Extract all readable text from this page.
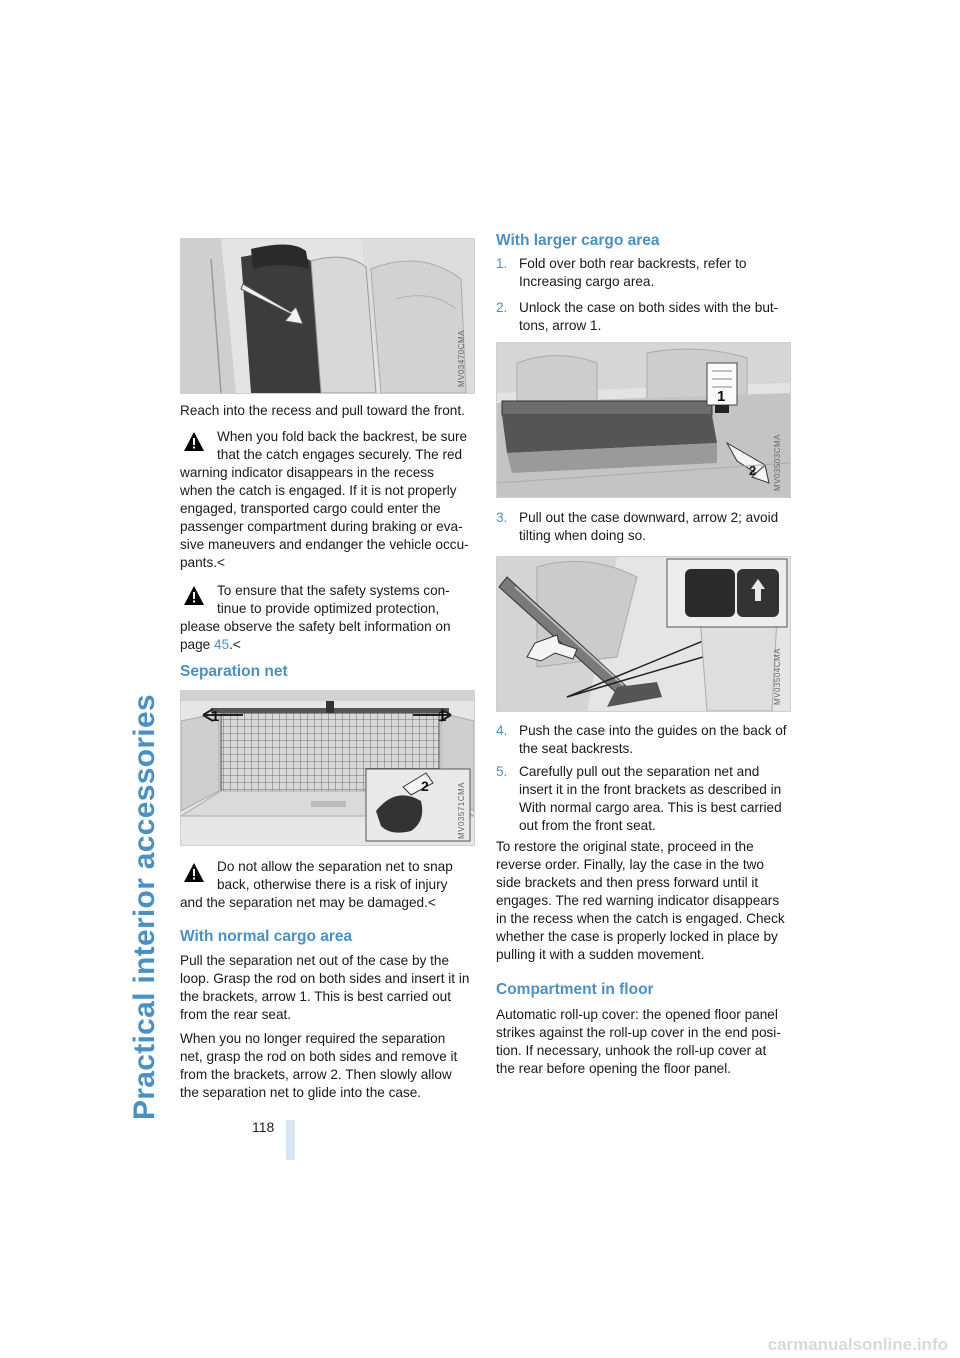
Practical interior accessories
118
MV03470CMA
Reach into the recess and pull toward the front.
When you fold back the backrest, be sure
that the catch engages securely. The red
warning indicator disappears in the recess
when the catch is engaged. If it is not properly
engaged, transported cargo could enter the
passenger compartment during braking or eva-
sive maneuvers and endanger the vehicle occu-
pants.<
To ensure that the safety systems con-
tinue to provide optimized protection,
please observe the safety belt information on
page 45.<
Separation net
1	1
2	MV03571CMA
Do not allow the separation net to snap
back, otherwise there is a risk of injury
and the separation net may be damaged.<
With normal cargo area
Pull the separation net out of the case by the
loop. Grasp the rod on both sides and insert it in
the brackets, arrow 1. This is best carried out
from the rear seat.
When you no longer required the separation
net, grasp the rod on both sides and remove it
from the brackets, arrow 2. Then slowly allow
the separation net to glide into the case.
With larger cargo area
1. Fold over both rear backrests, refer to
Increasing cargo area.
2. Unlock the case on both sides with the but-
tons, arrow 1.
1
2	MV03503CMA
3. Pull out the case downward, arrow 2; avoid
tilting when doing so.
MV03504CMA
4. Push the case into the guides on the back of
the seat backrests.
5. Carefully pull out the separation net and
insert it in the front brackets as described in
With normal cargo area. This is best carried
out from the front seat.
To restore the original state, proceed in the
reverse order. Finally, lay the case in the two
side brackets and then press forward until it
engages. The red warning indicator disappears
in the recess when the catch is engaged. Check
whether the case is properly locked in place by
pulling it with a sudden movement.
Compartment in floor
Automatic roll-up cover: the opened floor panel
strikes against the roll-up cover in the end posi-
tion. If necessary, unhook the roll-up cover at
the rear before opening the floor panel.
carmanualsonline.info
